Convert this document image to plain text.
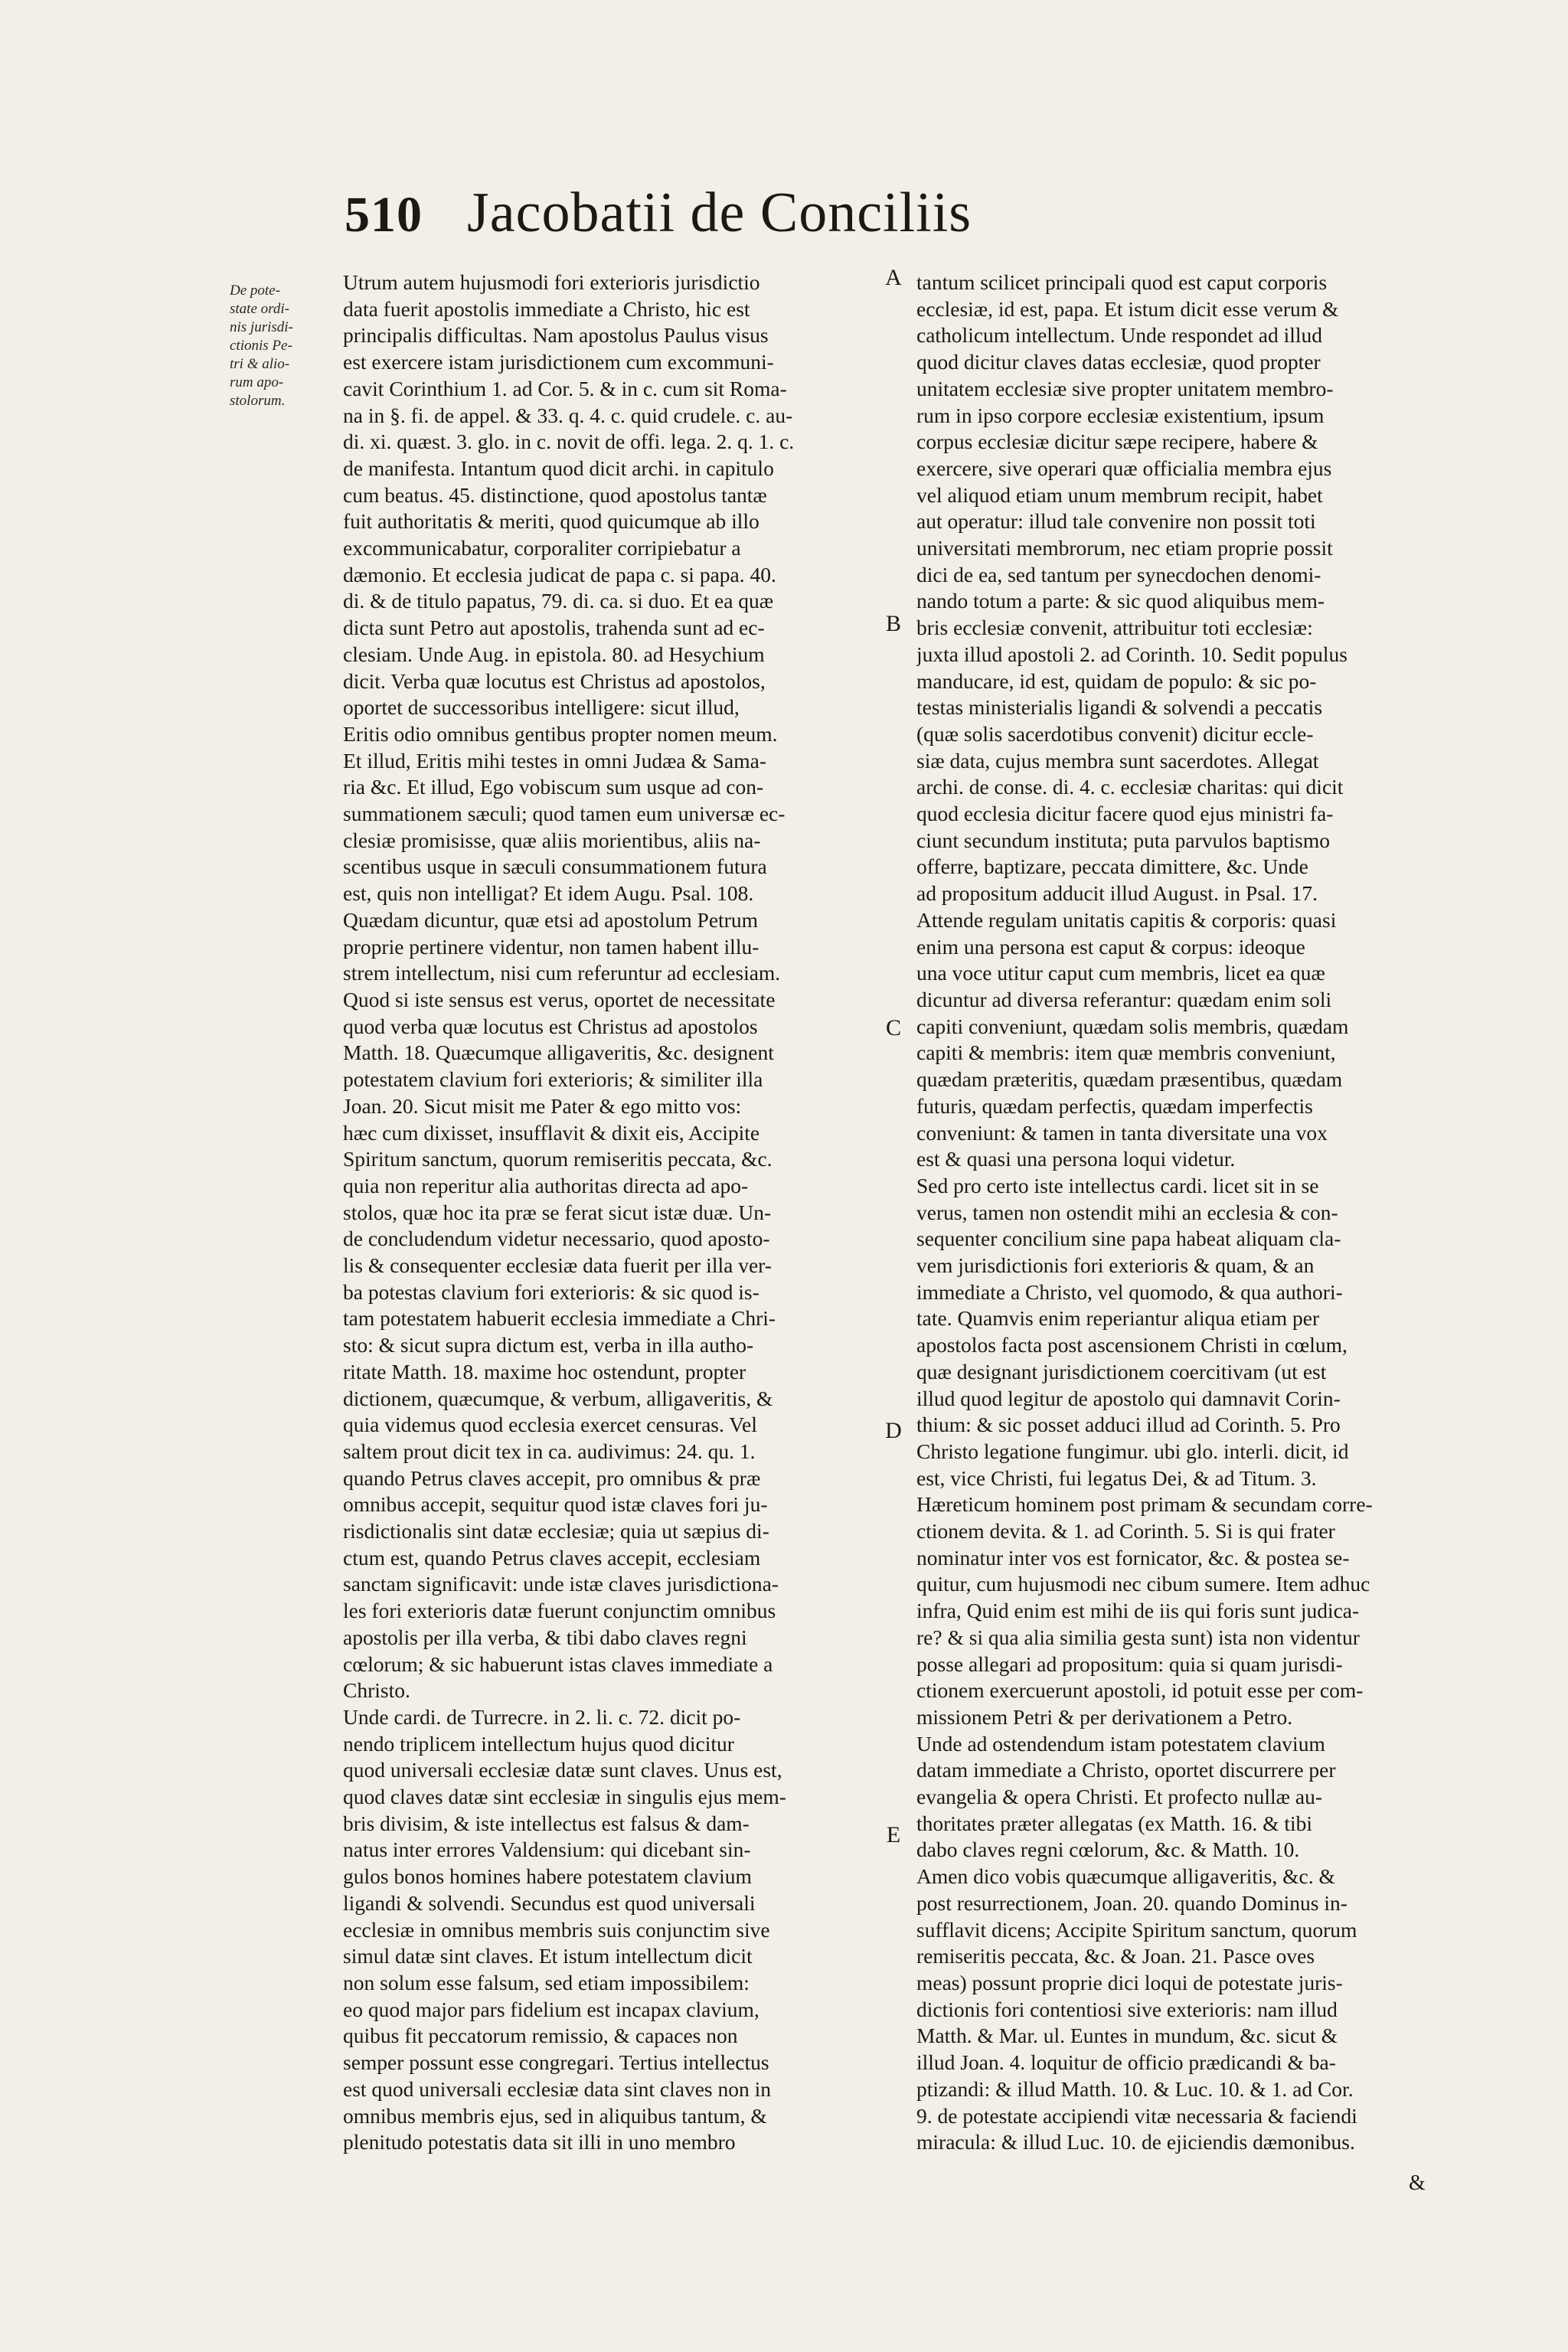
510 Jacobatii de Conciliis
De pote-
state ordi-
nis jurisdi-
ctionis Pe-
tri & alio-
rum apo-
stolorum.
Utrum autem hujusmodi fori exterioris jurisdictio
data fuerit apostolis immediate a Christo, hic est
principalis difficultas. Nam apostolus Paulus visus
est exercere istam jurisdictionem cum excommuni-
cavit Corinthium 1. ad Cor. 5. & in c. cum sit Roma-
na in §. fi. de appel. & 33. q. 4. c. quid crudele. c. au-
di. xi. quæst. 3. glo. in c. novit de offi. lega. 2. q. 1. c.
de manifesta. Intantum quod dicit archi. in capitulo
cum beatus. 45. distinctione, quod apostolus tantæ
fuit authoritatis & meriti, quod quicumque ab illo
excommunicabatur, corporaliter corripiebatur a
dæmonio. Et ecclesia judicat de papa c. si papa. 40.
di. & de titulo papatus, 79. di. ca. si duo. Et ea quæ
dicta sunt Petro aut apostolis, trahenda sunt ad ec-
clesiam. Unde Aug. in epistola. 80. ad Hesychium
dicit. Verba quæ locutus est Christus ad apostolos,
oportet de successoribus intelligere: sicut illud,
Eritis odio omnibus gentibus propter nomen meum.
Et illud, Eritis mihi testes in omni Judæa & Sama-
ria &c. Et illud, Ego vobiscum sum usque ad con-
summationem sæculi; quod tamen eum universæ ec-
clesiæ promisisse, quæ aliis morientibus, aliis na-
scentibus usque in sæculi consummationem futura
est, quis non intelligat? Et idem Augu. Psal. 108.
Quædam dicuntur, quæ etsi ad apostolum Petrum
proprie pertinere videntur, non tamen habent illu-
strem intellectum, nisi cum referuntur ad ecclesiam.
Quod si iste sensus est verus, oportet de necessitate
quod verba quæ locutus est Christus ad apostolos
Matth. 18. Quæcumque alligaveritis, &c. designent
potestatem clavium fori exterioris; & similiter illa
Joan. 20. Sicut misit me Pater & ego mitto vos:
hæc cum dixisset, insufflavit & dixit eis, Accipite
Spiritum sanctum, quorum remiseritis peccata, &c.
quia non reperitur alia authoritas directa ad apo-
stolos, quæ hoc ita præ se ferat sicut istæ duæ. Un-
de concludendum videtur necessario, quod aposto-
lis & consequenter ecclesiæ data fuerit per illa ver-
ba potestas clavium fori exterioris: & sic quod is-
tam potestatem habuerit ecclesia immediate a Chri-
sto: & sicut supra dictum est, verba in illa autho-
ritate Matth. 18. maxime hoc ostendunt, propter
dictionem, quæcumque, & verbum, alligaveritis, &
quia videmus quod ecclesia exercet censuras. Vel
saltem prout dicit tex in ca. audivimus: 24. qu. 1.
quando Petrus claves accepit, pro omnibus & præ
omnibus accepit, sequitur quod istæ claves fori ju-
risdictionalis sint datæ ecclesiæ; quia ut sæpius di-
ctum est, quando Petrus claves accepit, ecclesiam
sanctam significavit: unde istæ claves jurisdictiona-
les fori exterioris datæ fuerunt conjunctim omnibus
apostolis per illa verba, & tibi dabo claves regni
cœlorum; & sic habuerunt istas claves immediate a
Christo.
Unde cardi. de Turrecre. in 2. li. c. 72. dicit po-
nendo triplicem intellectum hujus quod dicitur
quod universali ecclesiæ datæ sunt claves. Unus est,
quod claves datæ sint ecclesiæ in singulis ejus mem-
bris divisim, & iste intellectus est falsus & dam-
natus inter errores Valdensium: qui dicebant sin-
gulos bonos homines habere potestatem clavium
ligandi & solvendi. Secundus est quod universali
ecclesiæ in omnibus membris suis conjunctim sive
simul datæ sint claves. Et istum intellectum dicit
non solum esse falsum, sed etiam impossibilem:
eo quod major pars fidelium est incapax clavium,
quibus fit peccatorum remissio, & capaces non
semper possunt esse congregari. Tertius intellectus
est quod universali ecclesiæ data sint claves non in
omnibus membris ejus, sed in aliquibus tantum, &
plenitudo potestatis data sit illi in uno membro
tantum scilicet principali quod est caput corporis
ecclesiæ, id est, papa. Et istum dicit esse verum &
catholicum intellectum. Unde respondet ad illud
quod dicitur claves datas ecclesiæ, quod propter
unitatem ecclesiæ sive propter unitatem membro-
rum in ipso corpore ecclesiæ existentium, ipsum
corpus ecclesiæ dicitur sæpe recipere, habere &
exercere, sive operari quæ officialia membra ejus
vel aliquod etiam unum membrum recipit, habet
aut operatur: illud tale convenire non possit toti
universitati membrorum, nec etiam proprie possit
dici de ea, sed tantum per synecdochen denomi-
nando totum a parte: & sic quod aliquibus mem-
bris ecclesiæ convenit, attribuitur toti ecclesiæ:
juxta illud apostoli 2. ad Corinth. 10. Sedit populus
manducare, id est, quidam de populo: & sic po-
testas ministerialis ligandi & solvendi a peccatis
(quæ solis sacerdotibus convenit) dicitur eccle-
siæ data, cujus membra sunt sacerdotes. Allegat
archi. de conse. di. 4. c. ecclesiæ charitas: qui dicit
quod ecclesia dicitur facere quod ejus ministri fa-
ciunt secundum instituta; puta parvulos baptismo
offerre, baptizare, peccata dimittere, &c. Unde
ad propositum adducit illud August. in Psal. 17.
Attende regulam unitatis capitis & corporis: quasi
enim una persona est caput & corpus: ideoque
una voce utitur caput cum membris, licet ea quæ
dicuntur ad diversa referantur: quædam enim soli
capiti conveniunt, quædam solis membris, quædam
capiti & membris: item quæ membris conveniunt,
quædam præteritis, quædam præsentibus, quædam
futuris, quædam perfectis, quædam imperfectis
conveniunt: & tamen in tanta diversitate una vox
est & quasi una persona loqui videtur.
Sed pro certo iste intellectus cardi. licet sit in se
verus, tamen non ostendit mihi an ecclesia & con-
sequenter concilium sine papa habeat aliquam cla-
vem jurisdictionis fori exterioris & quam, & an
immediate a Christo, vel quomodo, & qua authori-
tate. Quamvis enim reperiantur aliqua etiam per
apostolos facta post ascensionem Christi in cœlum,
quæ designant jurisdictionem coercitivam (ut est
illud quod legitur de apostolo qui damnavit Corin-
thium: & sic posset adduci illud ad Corinth. 5. Pro
Christo legatione fungimur. ubi glo. interli. dicit, id
est, vice Christi, fui legatus Dei, & ad Titum. 3.
Hæreticum hominem post primam & secundam corre-
ctionem devita. & 1. ad Corinth. 5. Si is qui frater
nominatur inter vos est fornicator, &c. & postea se-
quitur, cum hujusmodi nec cibum sumere. Item adhuc
infra, Quid enim est mihi de iis qui foris sunt judica-
re? & si qua alia similia gesta sunt) ista non videntur
posse allegari ad propositum: quia si quam jurisdi-
ctionem exercuerunt apostoli, id potuit esse per com-
missionem Petri & per derivationem a Petro.
Unde ad ostendendum istam potestatem clavium
datam immediate a Christo, oportet discurrere per
evangelia & opera Christi. Et profecto nullæ au-
thoritates præter allegatas (ex Matth. 16. & tibi
dabo claves regni cœlorum, &c. & Matth. 10.
Amen dico vobis quæcumque alligaveritis, &c. &
post resurrectionem, Joan. 20. quando Dominus in-
sufflavit dicens; Accipite Spiritum sanctum, quorum
remiseritis peccata, &c. & Joan. 21. Pasce oves
meas) possunt proprie dici loqui de potestate juris-
dictionis fori contentiosi sive exterioris: nam illud
Matth. & Mar. ul. Euntes in mundum, &c. sicut &
illud Joan. 4. loquitur de officio prædicandi & ba-
ptizandi: & illud Matth. 10. & Luc. 10. & 1. ad Cor.
9. de potestate accipiendi vitæ necessaria & faciendi
miracula: & illud Luc. 10. de ejiciendis dæmonibus.
A
B
C
D
E
&
